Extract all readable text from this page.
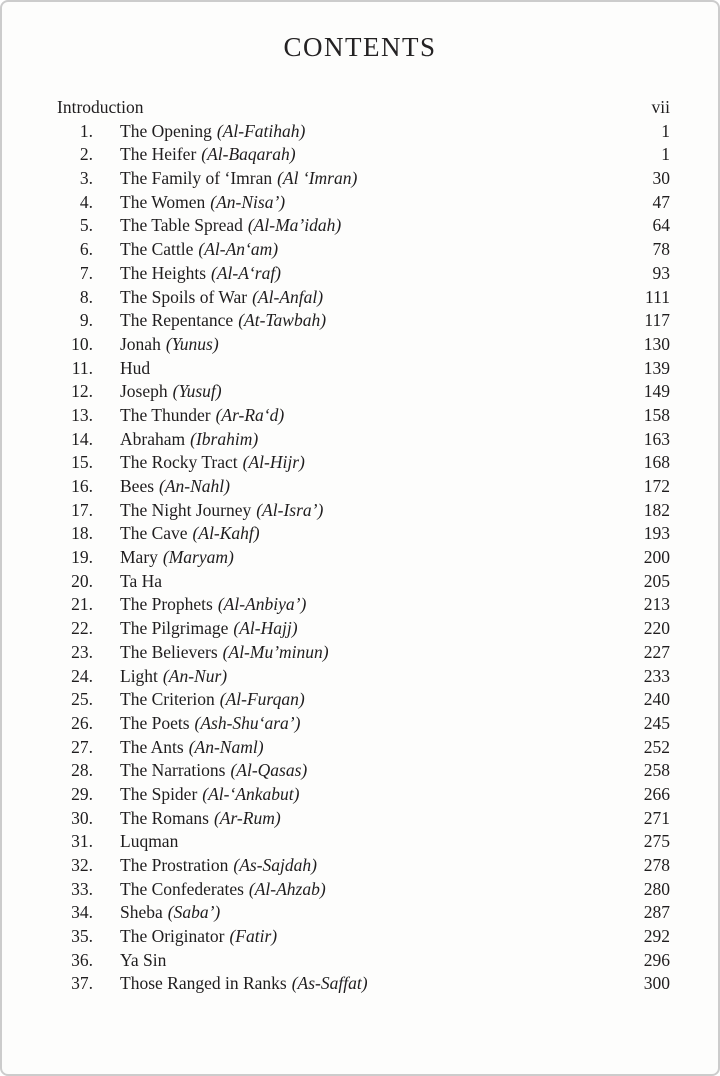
CONTENTS
Introduction	vii
1. The Opening (Al-Fatihah)	1
2. The Heifer (Al-Baqarah)	1
3. The Family of ‘Imran (Al ‘Imran)	30
4. The Women (An-Nisa’)	47
5. The Table Spread (Al-Ma’idah)	64
6. The Cattle (Al-An‘am)	78
7. The Heights (Al-A‘raf)	93
8. The Spoils of War (Al-Anfal)	111
9. The Repentance (At-Tawbah)	117
10. Jonah (Yunus)	130
11. Hud	139
12. Joseph (Yusuf)	149
13. The Thunder (Ar-Ra‘d)	158
14. Abraham (Ibrahim)	163
15. The Rocky Tract (Al-Hijr)	168
16. Bees (An-Nahl)	172
17. The Night Journey (Al-Isra’)	182
18. The Cave (Al-Kahf)	193
19. Mary (Maryam)	200
20. Ta Ha	205
21. The Prophets (Al-Anbiya’)	213
22. The Pilgrimage (Al-Hajj)	220
23. The Believers (Al-Mu’minun)	227
24. Light (An-Nur)	233
25. The Criterion (Al-Furqan)	240
26. The Poets (Ash-Shu‘ara’)	245
27. The Ants (An-Naml)	252
28. The Narrations (Al-Qasas)	258
29. The Spider (Al-‘Ankabut)	266
30. The Romans (Ar-Rum)	271
31. Luqman	275
32. The Prostration (As-Sajdah)	278
33. The Confederates (Al-Ahzab)	280
34. Sheba (Saba’)	287
35. The Originator (Fatir)	292
36. Ya Sin	296
37. Those Ranged in Ranks (As-Saffat)	300
